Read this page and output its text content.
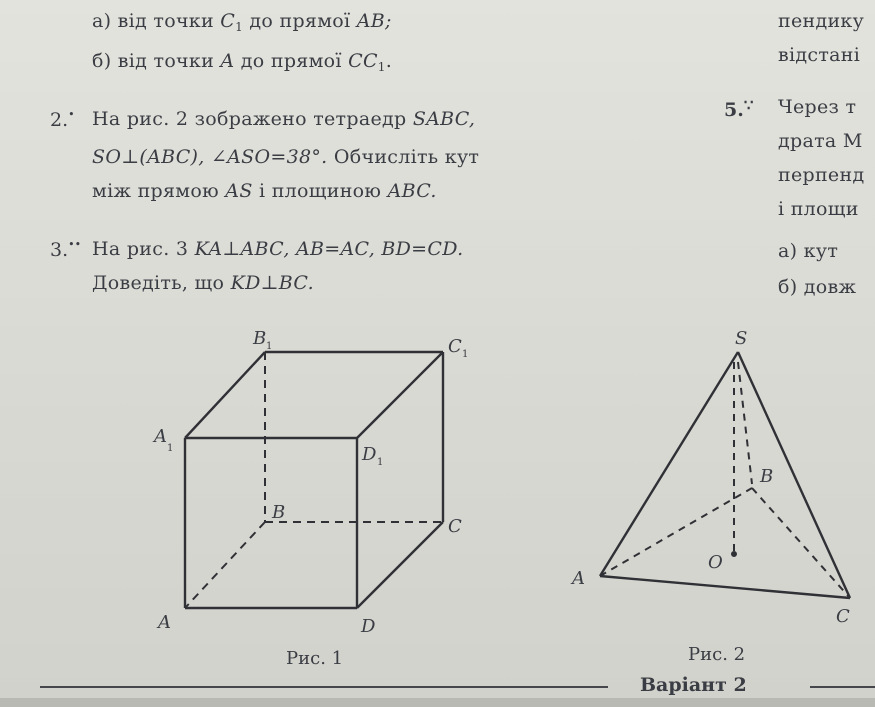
а) від точки $C_1$ до прямої AB;
б) від точки A до прямої $CC_1$.
2.• На рис. 2 зображено тетраедр SABC,
SO⊥(ABC), ∠ASO=38°. Обчисліть кут
між прямою AS і площиною ABC.
3.•• На рис. 3 KA⊥ABC, AB=AC, BD=CD.
Доведіть, що KD⊥BC.
пендику
відстані
5.∵ Через т
драта М
перпенд
і площи
а) кут
б) довж
B 1	C 1
A
1	D 1
B
C
A	D
S
B
O
A
C
Рис. 1	Рис. 2
Варіант 2
